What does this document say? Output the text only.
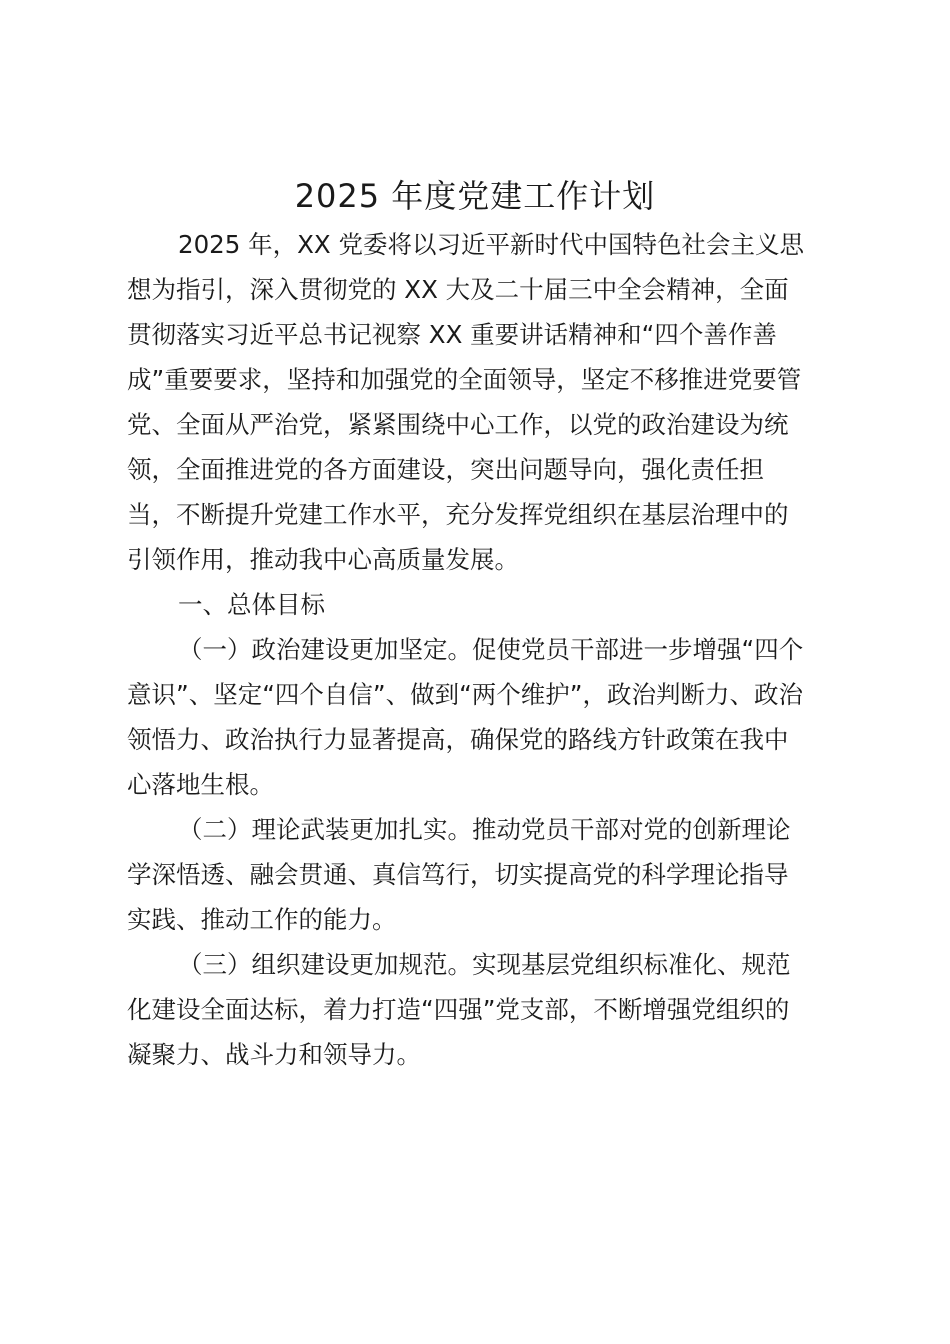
2025 年度党建工作计划

2025 年，XX 党委将以习近平新时代中国特色社会主义思

想为指引，深入贯彻党的 XX 大及二十届三中全会精神，全面

贯彻落实习近平总书记视察 XX 重要讲话精神和“四个善作善

成”重要要求，坚持和加强党的全面领导，坚定不移推进党要管

党、全面从严治党，紧紧围绕中心工作，以党的政治建设为统

领，全面推进党的各方面建设，突出问题导向，强化责任担

当，不断提升党建工作水平，充分发挥党组织在基层治理中的

引领作用，推动我中心高质量发展。

一、总体目标

（一）政治建设更加坚定。促使党员干部进一步增强“四个

意识”、坚定“四个自信”、做到“两个维护”，政治判断力、政治

领悟力、政治执行力显著提高，确保党的路线方针政策在我中

心落地生根。

（二）理论武装更加扎实。推动党员干部对党的创新理论

学深悟透、融会贯通、真信笃行，切实提高党的科学理论指导

实践、推动工作的能力。

（三）组织建设更加规范。实现基层党组织标准化、规范

化建设全面达标，着力打造“四强”党支部，不断增强党组织的

凝聚力、战斗力和领导力。
